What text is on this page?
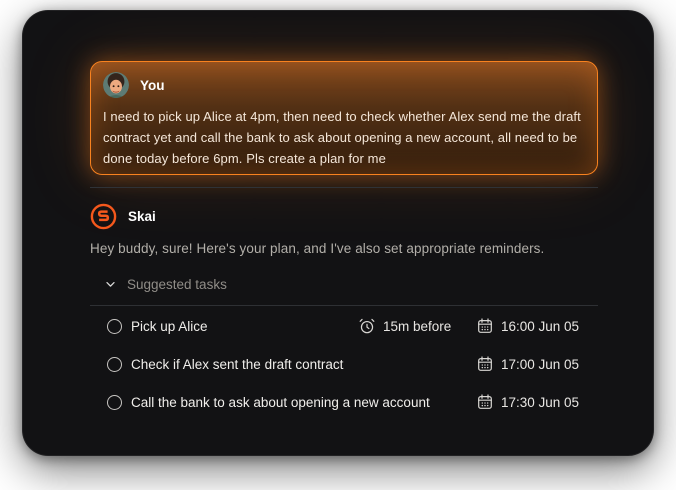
You

I need to pick up Alice at 4pm, then need to check whether Alex send me the draft contract yet and call the bank to ask about opening a new account, all need to be done today before 6pm. Pls create a plan for me

Skai

Hey buddy, sure! Here's your plan, and I've also set appropriate reminders.

Suggested tasks
Pick up Alice	15m before	16:00 Jun 05
Check if Alex sent the draft contract	17:00 Jun 05
Call the bank to ask about opening a new account	17:30 Jun 05
